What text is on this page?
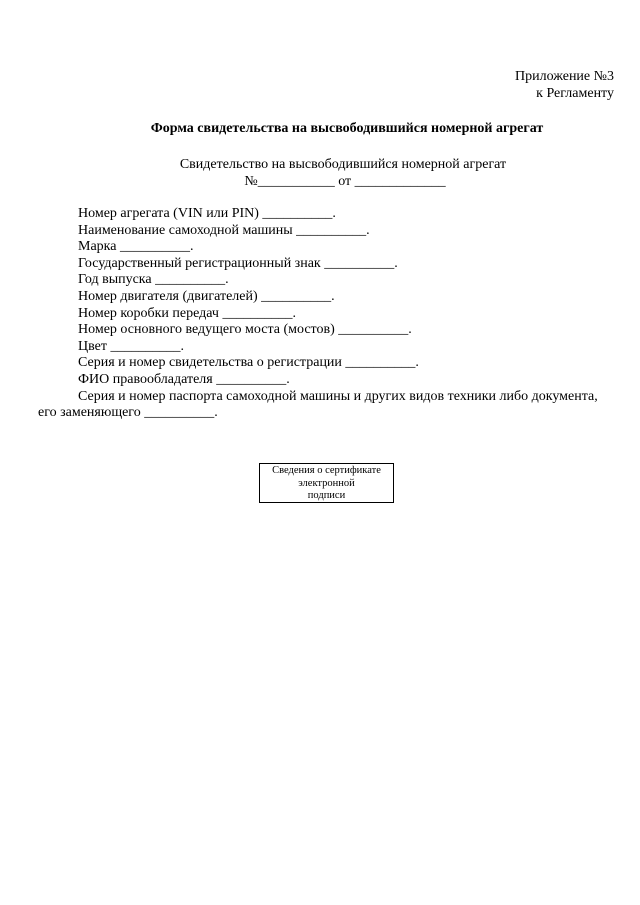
Приложение №3
к Регламенту
Форма свидетельства на высвободившийся номерной агрегат
Свидетельство на высвободившийся номерной агрегат
№___________ от _____________
Номер агрегата (VIN или PIN) __________.
Наименование самоходной машины __________.
Марка __________.
Государственный регистрационный знак __________.
Год выпуска __________.
Номер двигателя (двигателей) __________.
Номер коробки передач __________.
Номер основного ведущего моста (мостов) __________.
Цвет __________.
Серия и номер свидетельства о регистрации __________.
ФИО правообладателя __________.
Серия и номер паспорта самоходной машины и других видов техники либо документа, его заменяющего __________.
Сведения о сертификате
электронной
подписи
